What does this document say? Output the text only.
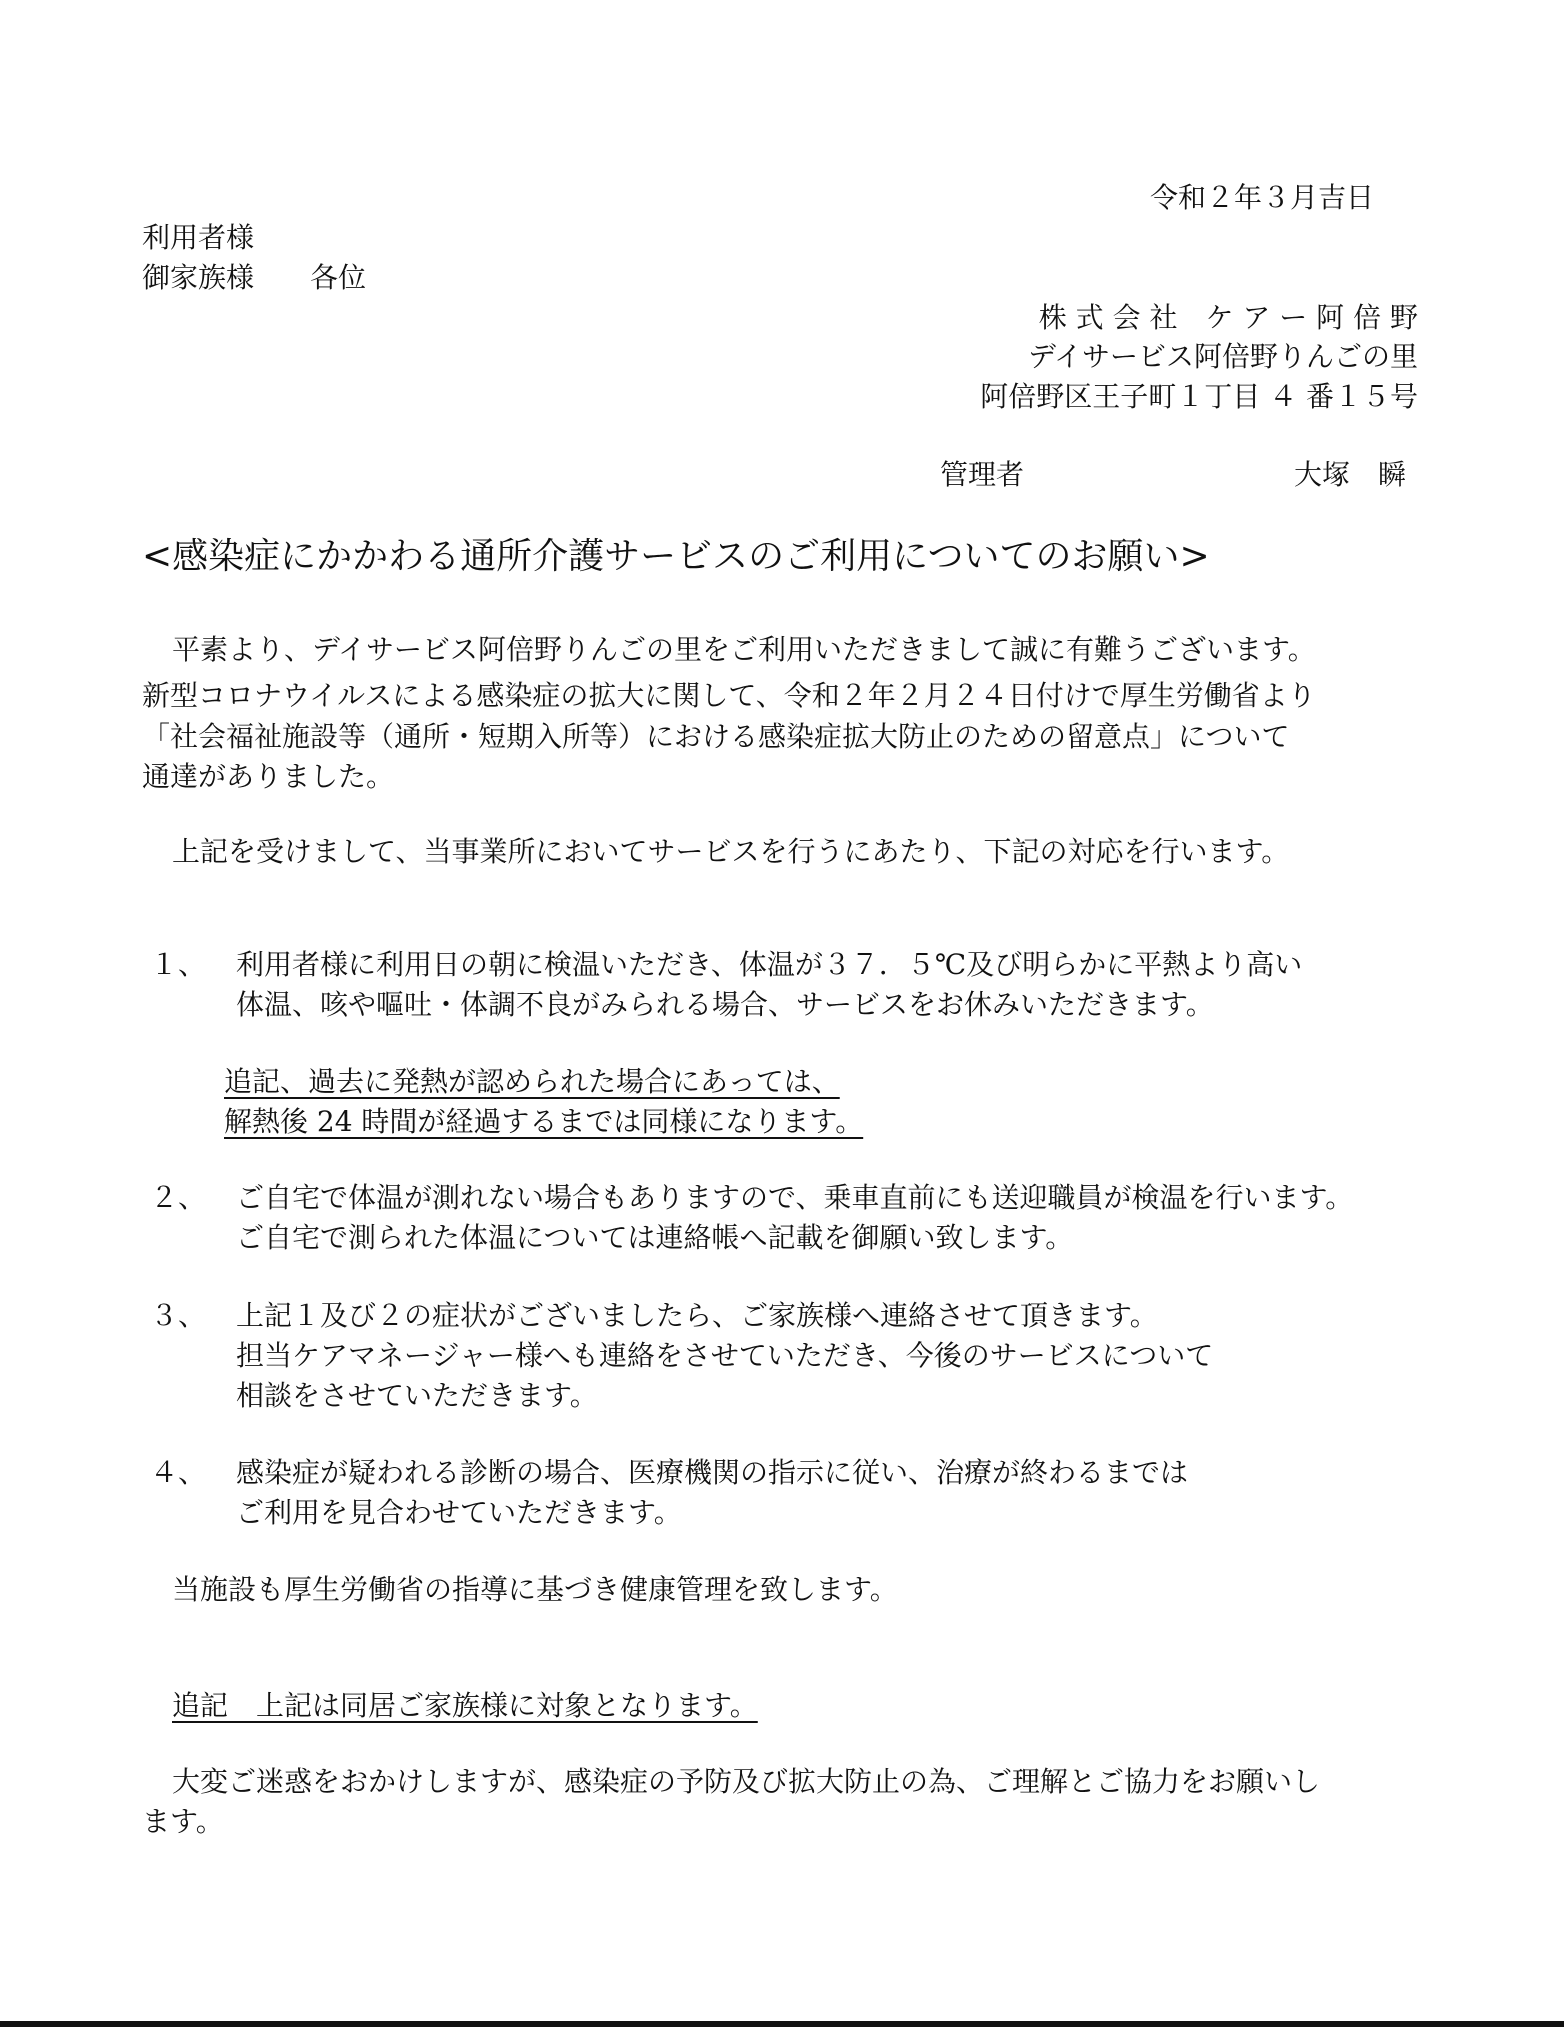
令和２年３月吉日
利用者様
御家族様　　各位
株 式 会 社　ケ ア ー 阿 倍 野
デイサービス阿倍野りんごの里
阿倍野区王子町１丁目 ４ 番１５号
管理者	大塚　瞬
<感染症にかかわる通所介護サービスのご利用についてのお願い>
平素より、デイサービス阿倍野りんごの里をご利用いただきまして誠に有難うございます。
新型コロナウイルスによる感染症の拡大に関して、令和２年２月２４日付けで厚生労働省より
「社会福祉施設等（通所・短期入所等）における感染症拡大防止のための留意点」について
通達がありました。
上記を受けまして、当事業所においてサービスを行うにあたり、下記の対応を行います。
１、 利用者様に利用日の朝に検温いただき、体温が３７．５℃及び明らかに平熱より高い
体温、咳や嘔吐・体調不良がみられる場合、サービスをお休みいただきます。
追記、過去に発熱が認められた場合にあっては、
解熱後 24 時間が経過するまでは同様になります。
２、 ご自宅で体温が測れない場合もありますので、乗車直前にも送迎職員が検温を行います。
ご自宅で測られた体温については連絡帳へ記載を御願い致します。
３、 上記１及び２の症状がございましたら、ご家族様へ連絡させて頂きます。
担当ケアマネージャー様へも連絡をさせていただき、今後のサービスについて
相談をさせていただきます。
４、 感染症が疑われる診断の場合、医療機関の指示に従い、治療が終わるまでは
ご利用を見合わせていただきます。
当施設も厚生労働省の指導に基づき健康管理を致します。
追記　上記は同居ご家族様に対象となります。
大変ご迷惑をおかけしますが、感染症の予防及び拡大防止の為、ご理解とご協力をお願いし
ます。
